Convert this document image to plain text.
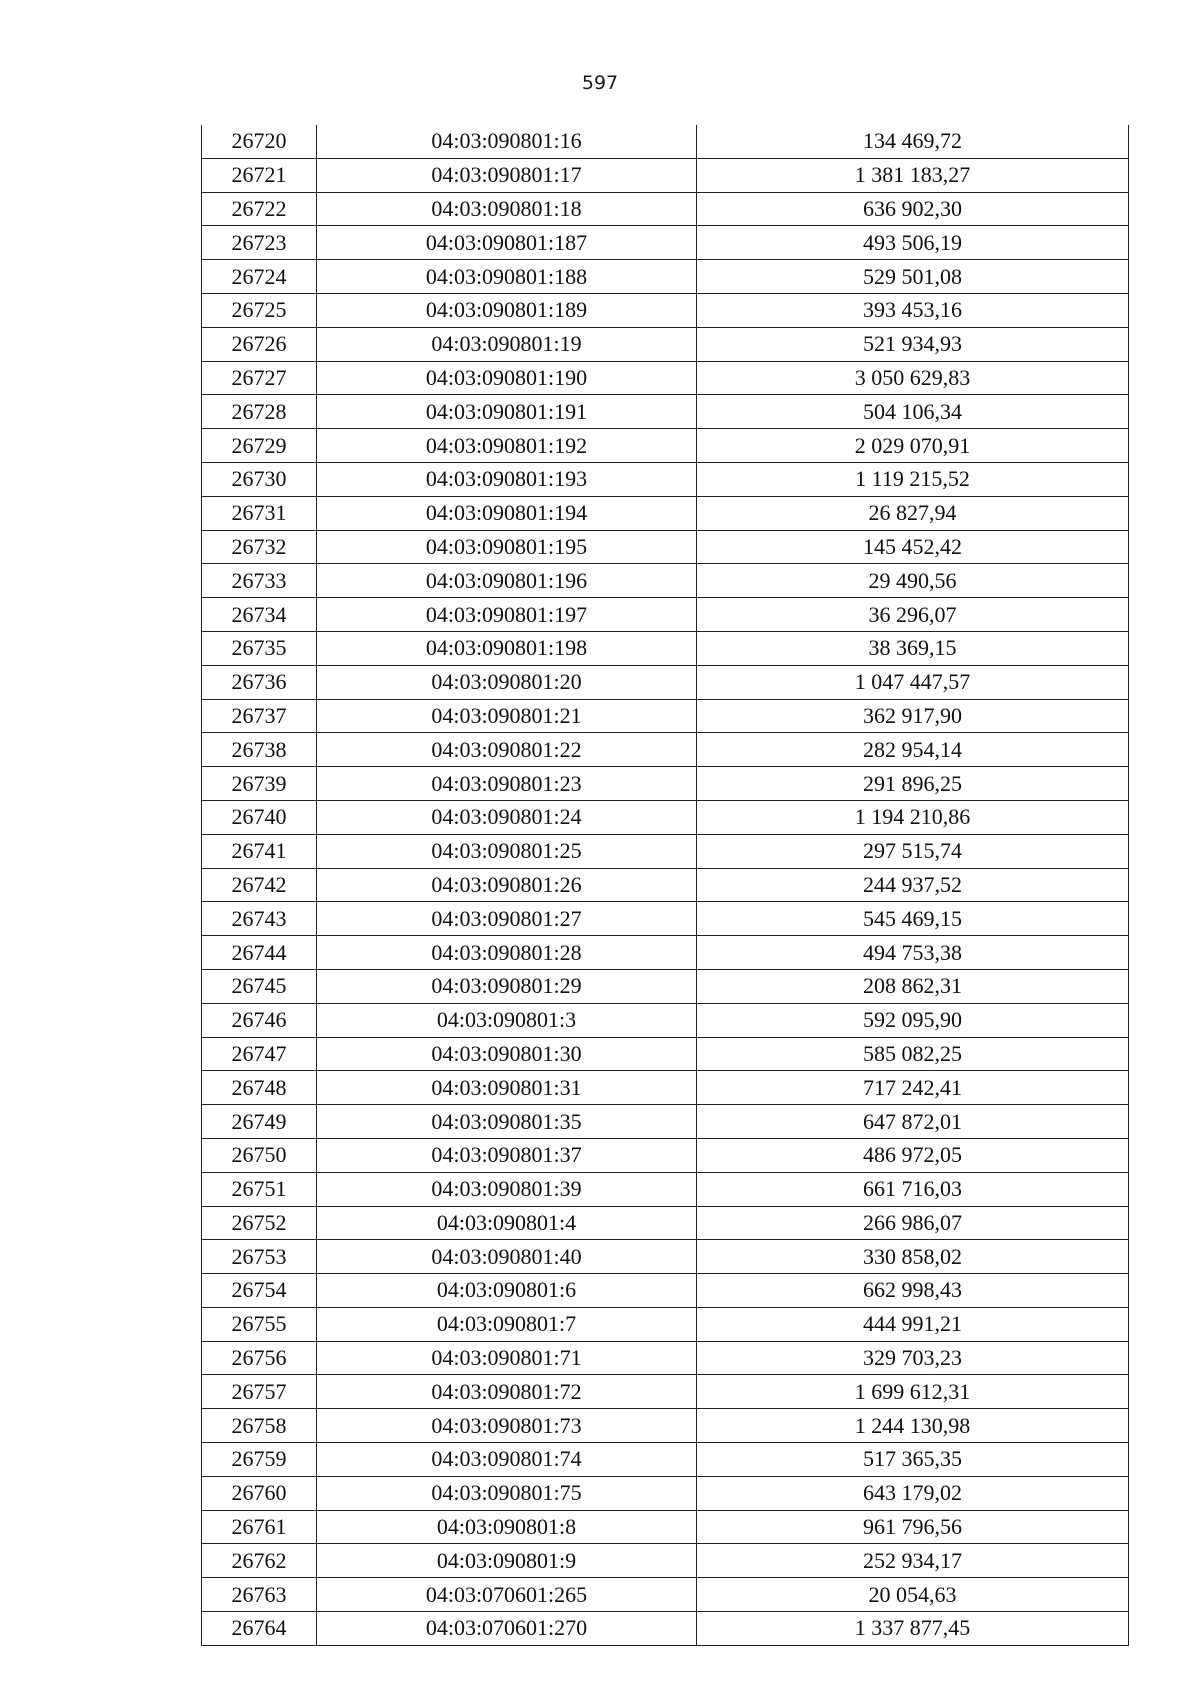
597
26720	04:03:090801:16	134 469,72
26721	04:03:090801:17	1 381 183,27
26722	04:03:090801:18	636 902,30
26723	04:03:090801:187	493 506,19
26724	04:03:090801:188	529 501,08
26725	04:03:090801:189	393 453,16
26726	04:03:090801:19	521 934,93
26727	04:03:090801:190	3 050 629,83
26728	04:03:090801:191	504 106,34
26729	04:03:090801:192	2 029 070,91
26730	04:03:090801:193	1 119 215,52
26731	04:03:090801:194	26 827,94
26732	04:03:090801:195	145 452,42
26733	04:03:090801:196	29 490,56
26734	04:03:090801:197	36 296,07
26735	04:03:090801:198	38 369,15
26736	04:03:090801:20	1 047 447,57
26737	04:03:090801:21	362 917,90
26738	04:03:090801:22	282 954,14
26739	04:03:090801:23	291 896,25
26740	04:03:090801:24	1 194 210,86
26741	04:03:090801:25	297 515,74
26742	04:03:090801:26	244 937,52
26743	04:03:090801:27	545 469,15
26744	04:03:090801:28	494 753,38
26745	04:03:090801:29	208 862,31
26746	04:03:090801:3	592 095,90
26747	04:03:090801:30	585 082,25
26748	04:03:090801:31	717 242,41
26749	04:03:090801:35	647 872,01
26750	04:03:090801:37	486 972,05
26751	04:03:090801:39	661 716,03
26752	04:03:090801:4	266 986,07
26753	04:03:090801:40	330 858,02
26754	04:03:090801:6	662 998,43
26755	04:03:090801:7	444 991,21
26756	04:03:090801:71	329 703,23
26757	04:03:090801:72	1 699 612,31
26758	04:03:090801:73	1 244 130,98
26759	04:03:090801:74	517 365,35
26760	04:03:090801:75	643 179,02
26761	04:03:090801:8	961 796,56
26762	04:03:090801:9	252 934,17
26763	04:03:070601:265	20 054,63
26764	04:03:070601:270	1 337 877,45
